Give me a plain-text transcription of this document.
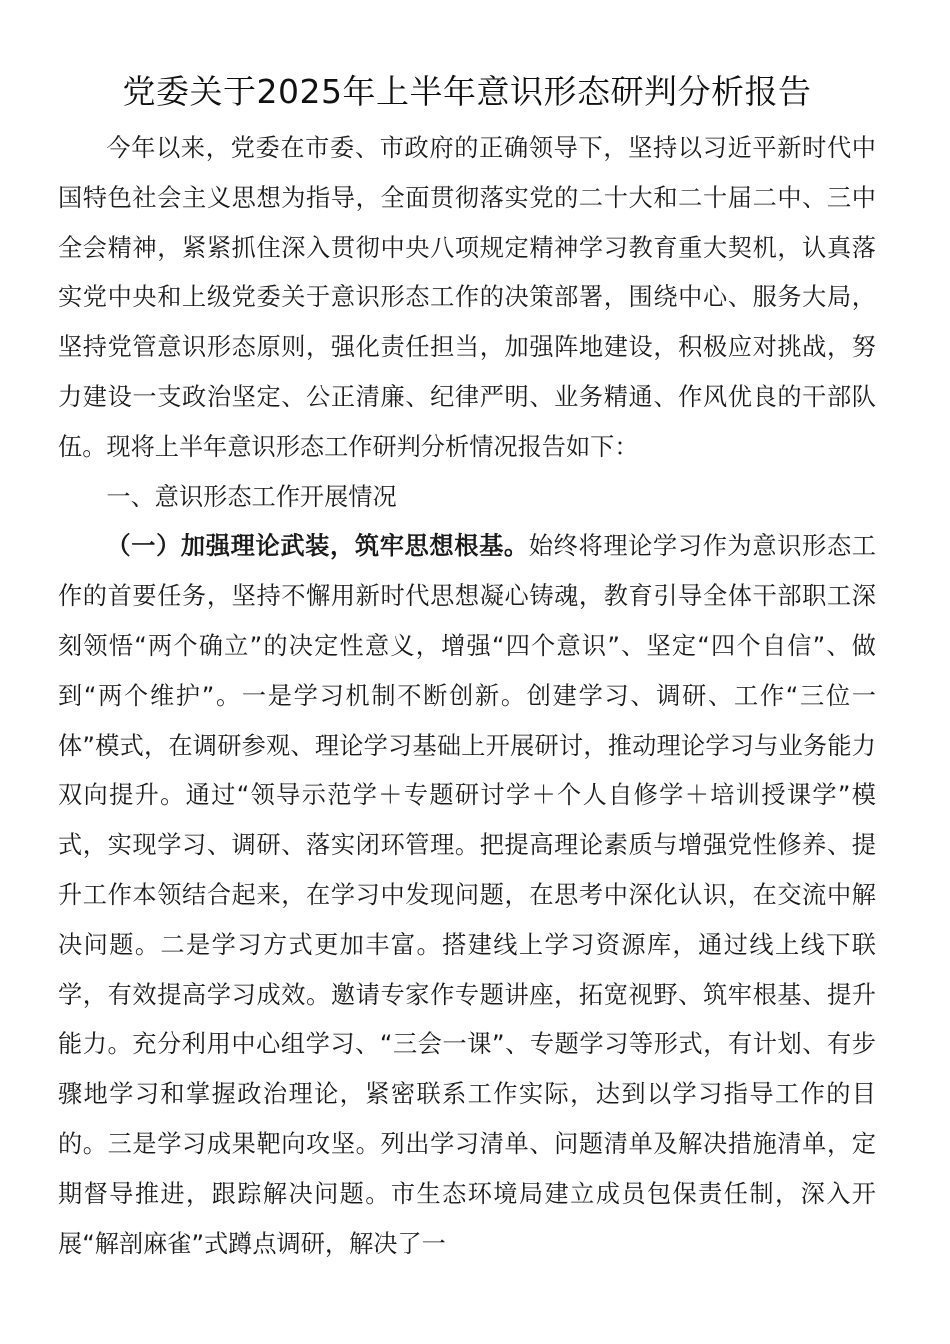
党委关于2025年上半年意识形态研判分析报告

今年以来，党委在市委、市政府的正确领导下，坚持以习近平新时代中国特色社会主义思想为指导，全面贯彻落实党的二十大和二十届二中、三中全会精神，紧紧抓住深入贯彻中央八项规定精神学习教育重大契机，认真落实党中央和上级党委关于意识形态工作的决策部署，围绕中心、服务大局，坚持党管意识形态原则，强化责任担当，加强阵地建设，积极应对挑战，努力建设一支政治坚定、公正清廉、纪律严明、业务精通、作风优良的干部队伍。现将上半年意识形态工作研判分析情况报告如下：

一、意识形态工作开展情况

（一）加强理论武装，筑牢思想根基。始终将理论学习作为意识形态工作的首要任务，坚持不懈用新时代思想凝心铸魂，教育引导全体干部职工深刻领悟“两个确立”的决定性意义，增强“四个意识”、坚定“四个自信”、做到“两个维护”。一是学习机制不断创新。创建学习、调研、工作“三位一体”模式，在调研参观、理论学习基础上开展研讨，推动理论学习与业务能力双向提升。通过“领导示范学＋专题研讨学＋个人自修学＋培训授课学”模式，实现学习、调研、落实闭环管理。把提高理论素质与增强党性修养、提升工作本领结合起来，在学习中发现问题，在思考中深化认识，在交流中解决问题。二是学习方式更加丰富。搭建线上学习资源库，通过线上线下联学，有效提高学习成效。邀请专家作专题讲座，拓宽视野、筑牢根基、提升能力。充分利用中心组学习、“三会一课”、专题学习等形式，有计划、有步骤地学习和掌握政治理论，紧密联系工作实际，达到以学习指导工作的目的。三是学习成果靶向攻坚。列出学习清单、问题清单及解决措施清单，定期督导推进，跟踪解决问题。市生态环境局建立成员包保责任制，深入开展“解剖麻雀”式蹲点调研，解决了一
